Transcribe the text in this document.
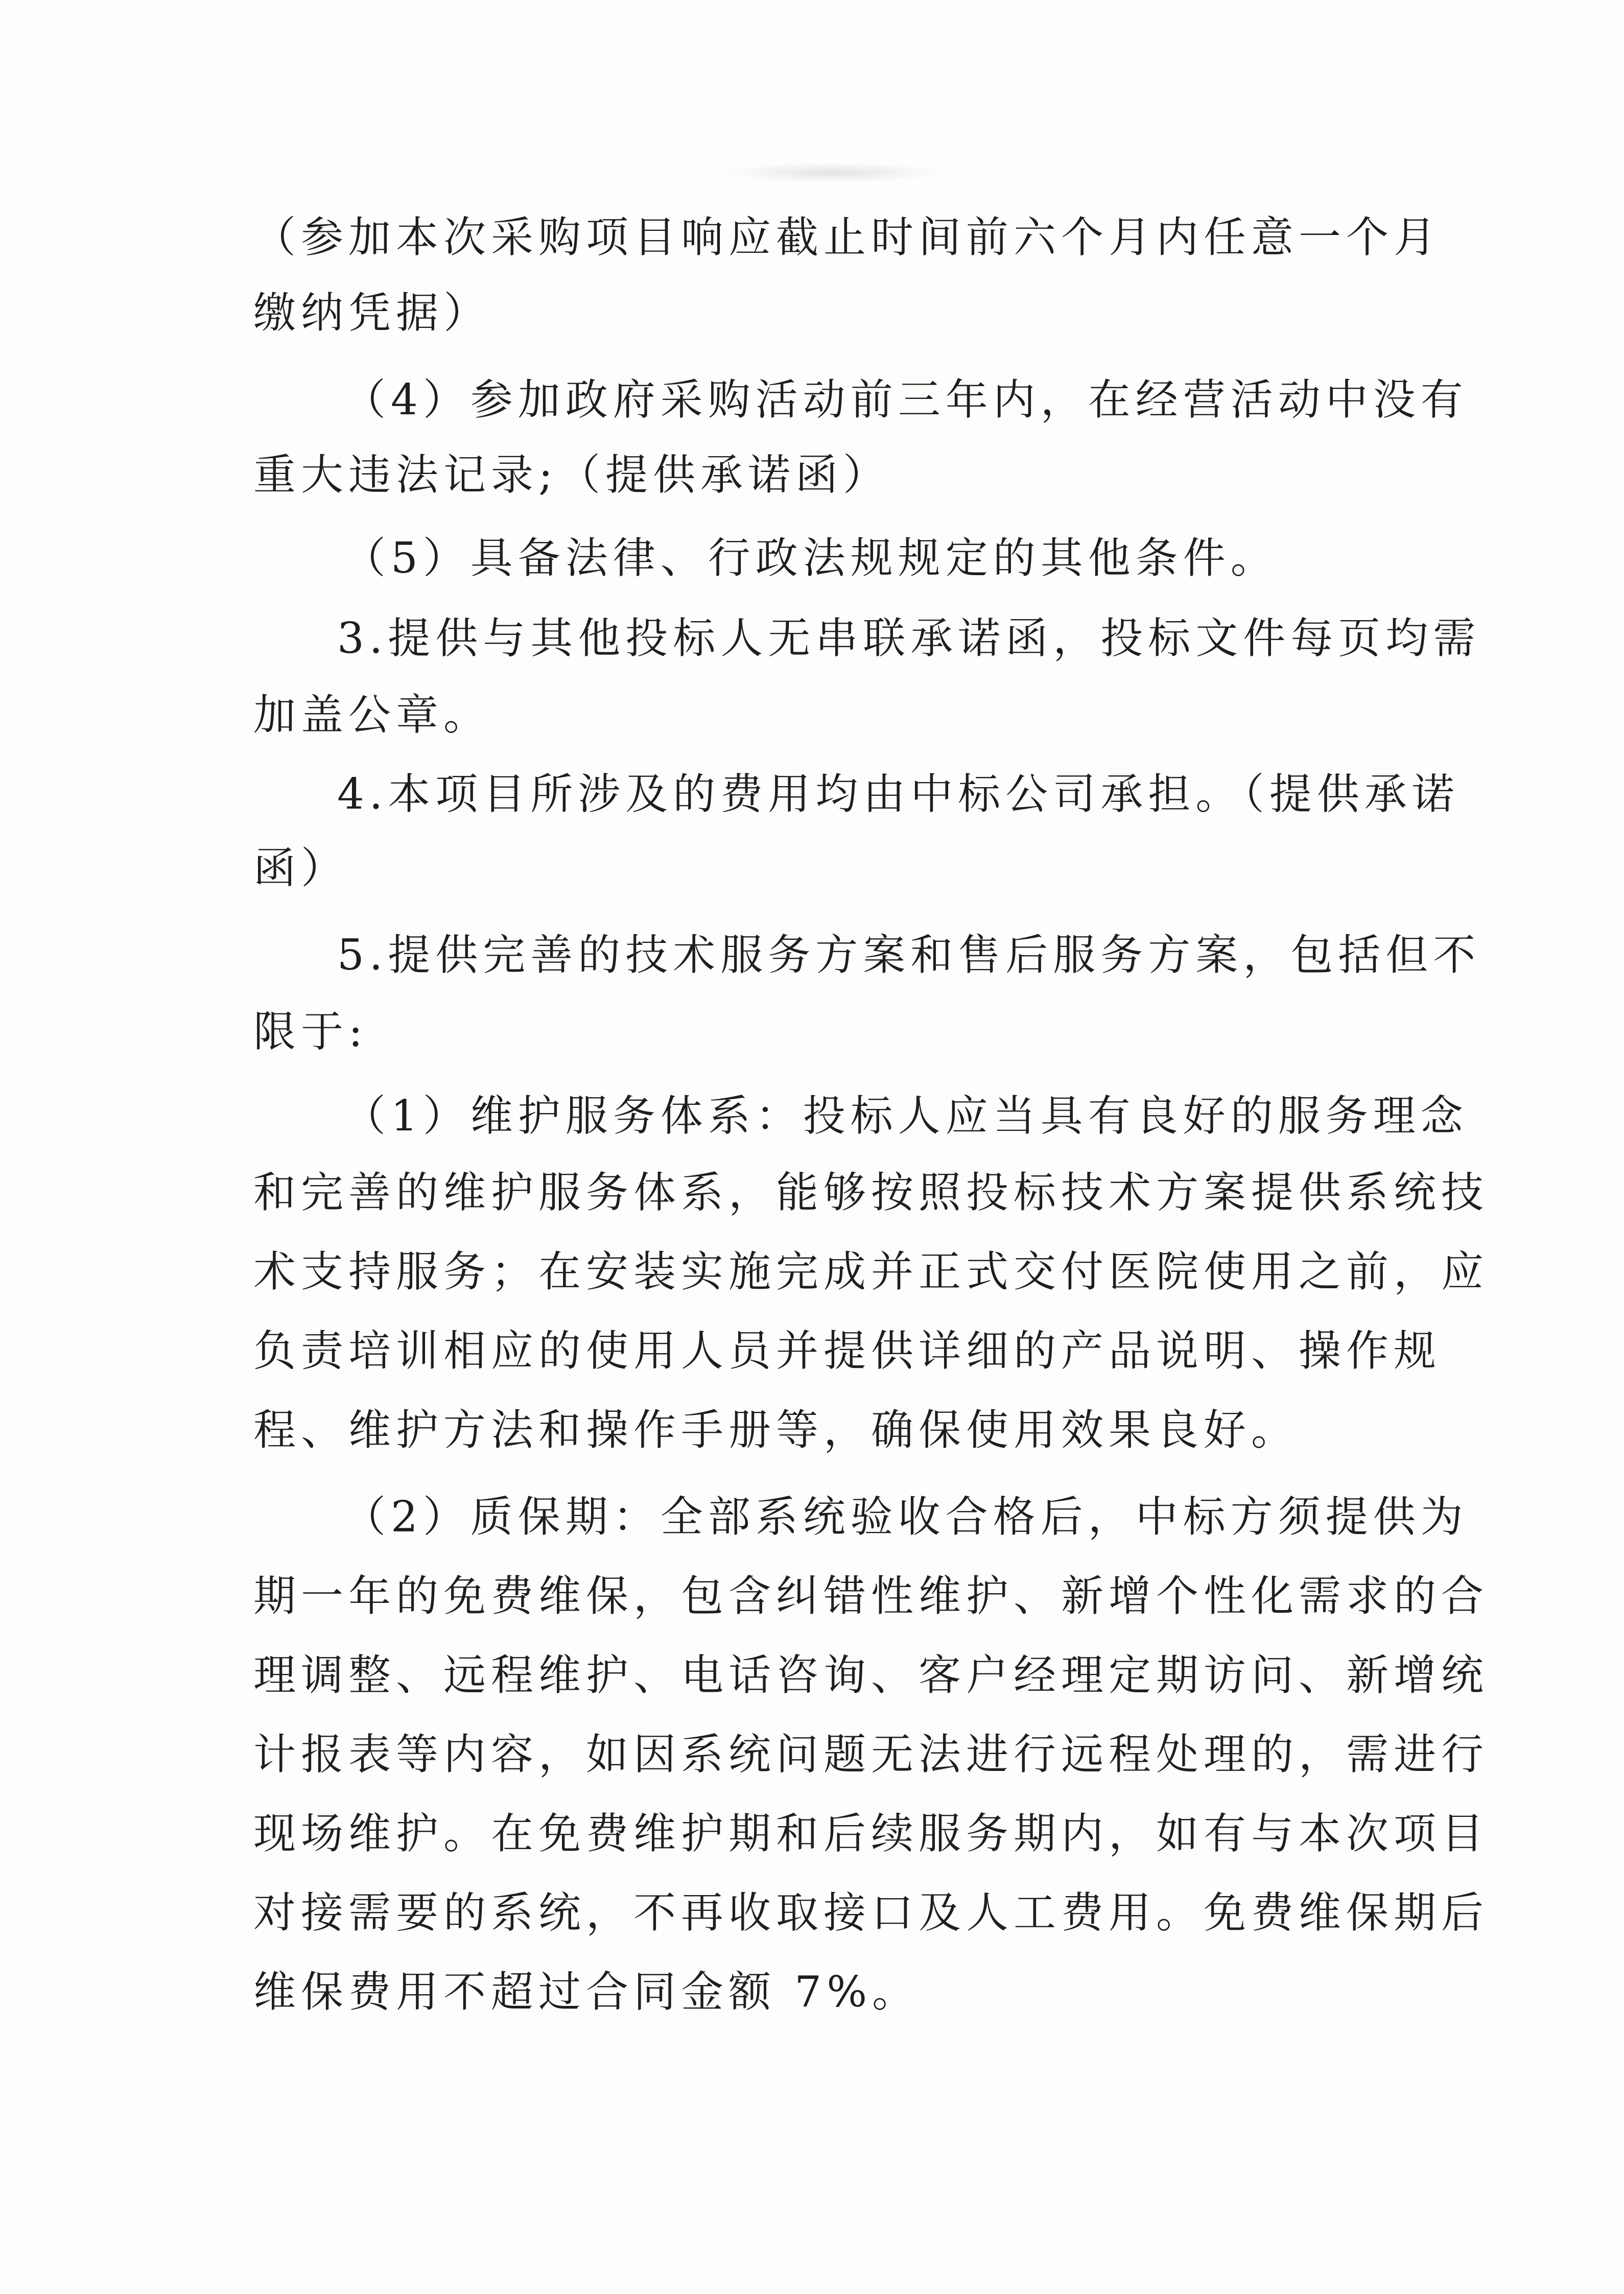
（参加本次采购项目响应截止时间前六个月内任意一个月
缴纳凭据）
（4）参加政府采购活动前三年内，在经营活动中没有
重大违法记录;（提供承诺函）
（5）具备法律、行政法规规定的其他条件。
3.提供与其他投标人无串联承诺函，投标文件每页均需
加盖公章。
4.本项目所涉及的费用均由中标公司承担。（提供承诺
函）
5.提供完善的技术服务方案和售后服务方案，包括但不
限于:
（1）维护服务体系：投标人应当具有良好的服务理念
和完善的维护服务体系，能够按照投标技术方案提供系统技
术支持服务；在安装实施完成并正式交付医院使用之前，应
负责培训相应的使用人员并提供详细的产品说明、操作规
程、维护方法和操作手册等，确保使用效果良好。
（2）质保期：全部系统验收合格后，中标方须提供为
期一年的免费维保，包含纠错性维护、新增个性化需求的合
理调整、远程维护、电话咨询、客户经理定期访问、新增统
计报表等内容，如因系统问题无法进行远程处理的，需进行
现场维护。在免费维护期和后续服务期内，如有与本次项目
对接需要的系统，不再收取接口及人工费用。免费维保期后
维保费用不超过合同金额 7%。
